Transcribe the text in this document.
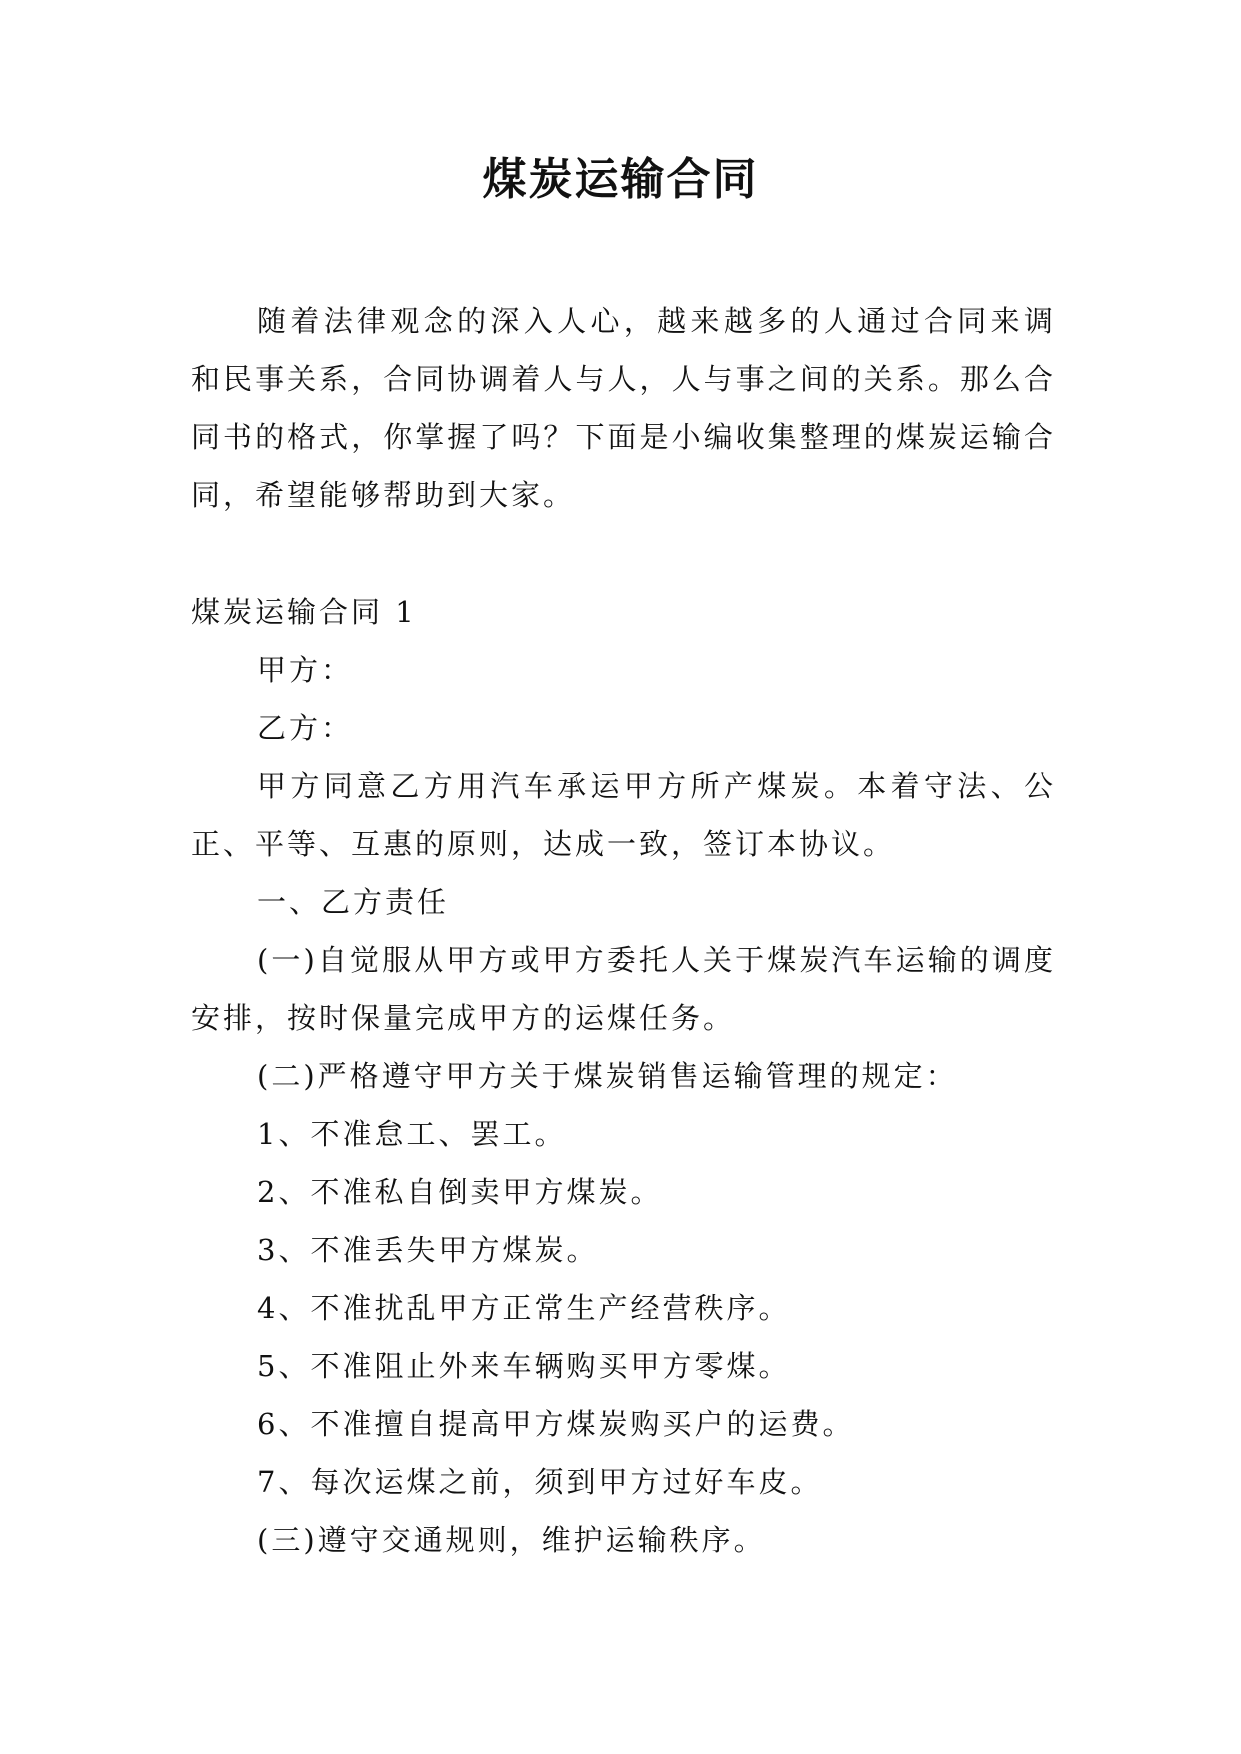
煤炭运输合同

随着法律观念的深入人心，越来越多的人通过合同来调和民事关系，合同协调着人与人，人与事之间的关系。那么合同书的格式，你掌握了吗？下面是小编收集整理的煤炭运输合同，希望能够帮助到大家。

煤炭运输合同 1

甲方：

乙方：

甲方同意乙方用汽车承运甲方所产煤炭。本着守法、公正、平等、互惠的原则，达成一致，签订本协议。

一、乙方责任

(一)自觉服从甲方或甲方委托人关于煤炭汽车运输的调度安排，按时保量完成甲方的运煤任务。

(二)严格遵守甲方关于煤炭销售运输管理的规定：

1、不准怠工、罢工。

2、不准私自倒卖甲方煤炭。

3、不准丢失甲方煤炭。

4、不准扰乱甲方正常生产经营秩序。

5、不准阻止外来车辆购买甲方零煤。

6、不准擅自提高甲方煤炭购买户的运费。

7、每次运煤之前，须到甲方过好车皮。

(三)遵守交通规则，维护运输秩序。
